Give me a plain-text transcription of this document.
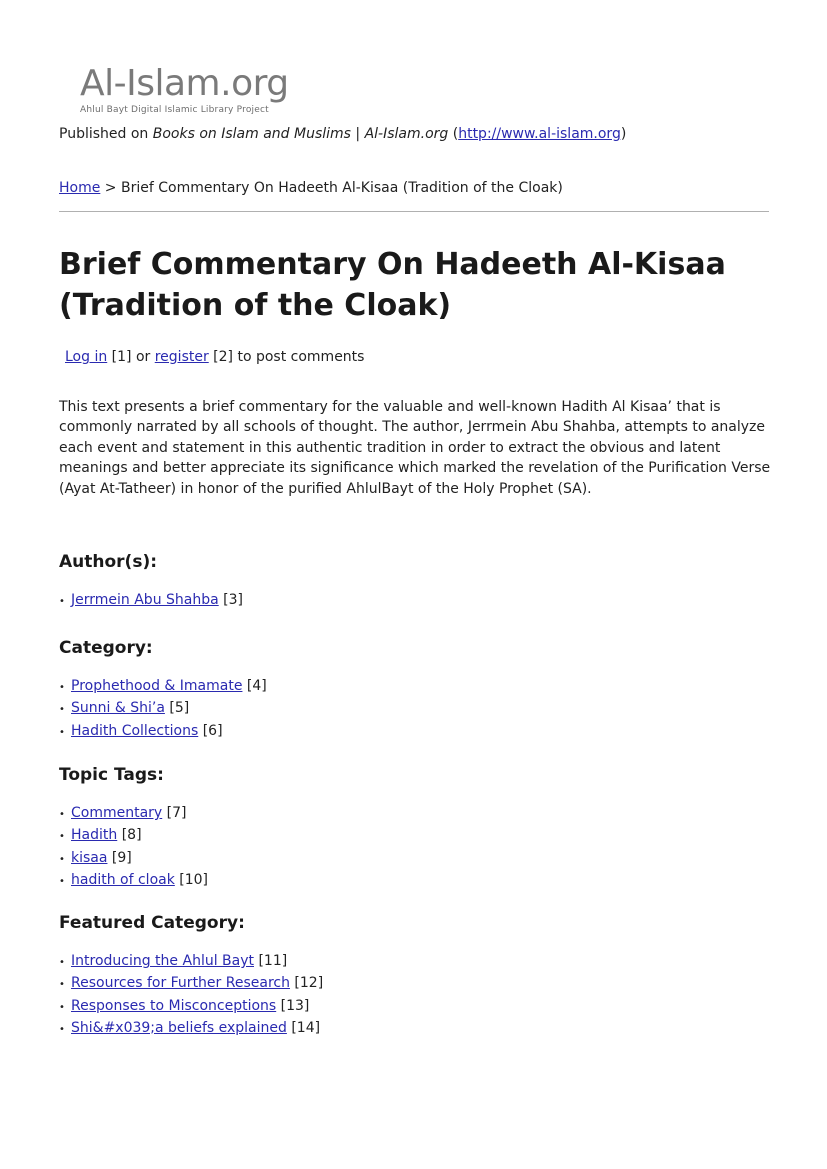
Al-Islam.org
Ahlul Bayt Digital Islamic Library Project
Published on Books on Islam and Muslims | Al-Islam.org (http://www.al-islam.org)
Home > Brief Commentary On Hadeeth Al-Kisaa (Tradition of the Cloak)
Brief Commentary On Hadeeth Al-Kisaa (Tradition of the Cloak)
Log in [1] or register [2] to post comments

This text presents a brief commentary for the valuable and well-known Hadith Al Kisaa’ that is commonly narrated by all schools of thought. The author, Jerrmein Abu Shahba, attempts to analyze each event and statement in this authentic tradition in order to extract the obvious and latent meanings and better appreciate its significance which marked the revelation of the Purification Verse (Ayat At-Tatheer) in honor of the purified AhlulBayt of the Holy Prophet (SA).

Author(s):
• Jerrmein Abu Shahba [3]
Category:
• Prophethood & Imamate [4]
• Sunni & Shi’a [5]
• Hadith Collections [6]
Topic Tags:
• Commentary [7]
• Hadith [8]
• kisaa [9]
• hadith of cloak [10]
Featured Category:
• Introducing the Ahlul Bayt [11]
• Resources for Further Research [12]
• Responses to Misconceptions [13]
• Shi&#x039;a beliefs explained [14]
